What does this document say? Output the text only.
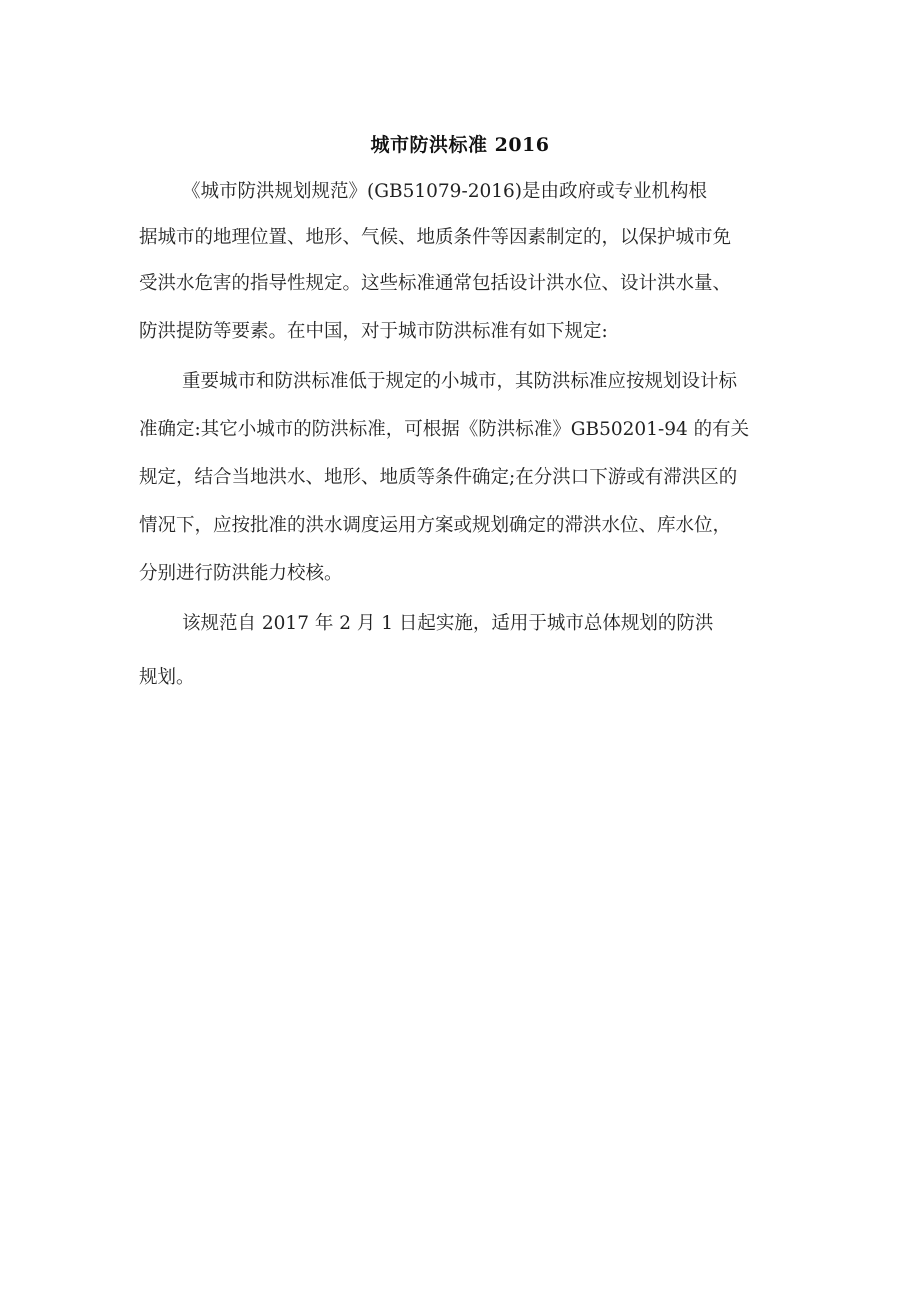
城市防洪标准 2016
《城市防洪规划规范》(GB51079-2016)是由政府或专业机构根
据城市的地理位置、地形、气候、地质条件等因素制定的，以保护城市免
受洪水危害的指导性规定。这些标准通常包括设计洪水位、设计洪水量、
防洪提防等要素。在中国，对于城市防洪标准有如下规定:
重要城市和防洪标准低于规定的小城市，其防洪标准应按规划设计标
准确定:其它小城市的防洪标准，可根据《防洪标准》GB50201-94 的有关
规定，结合当地洪水、地形、地质等条件确定;在分洪口下游或有滞洪区的
情况下，应按批准的洪水调度运用方案或规划确定的滞洪水位、库水位，
分别进行防洪能力校核。
该规范自 2017 年 2 月 1 日起实施，适用于城市总体规划的防洪
规划。
